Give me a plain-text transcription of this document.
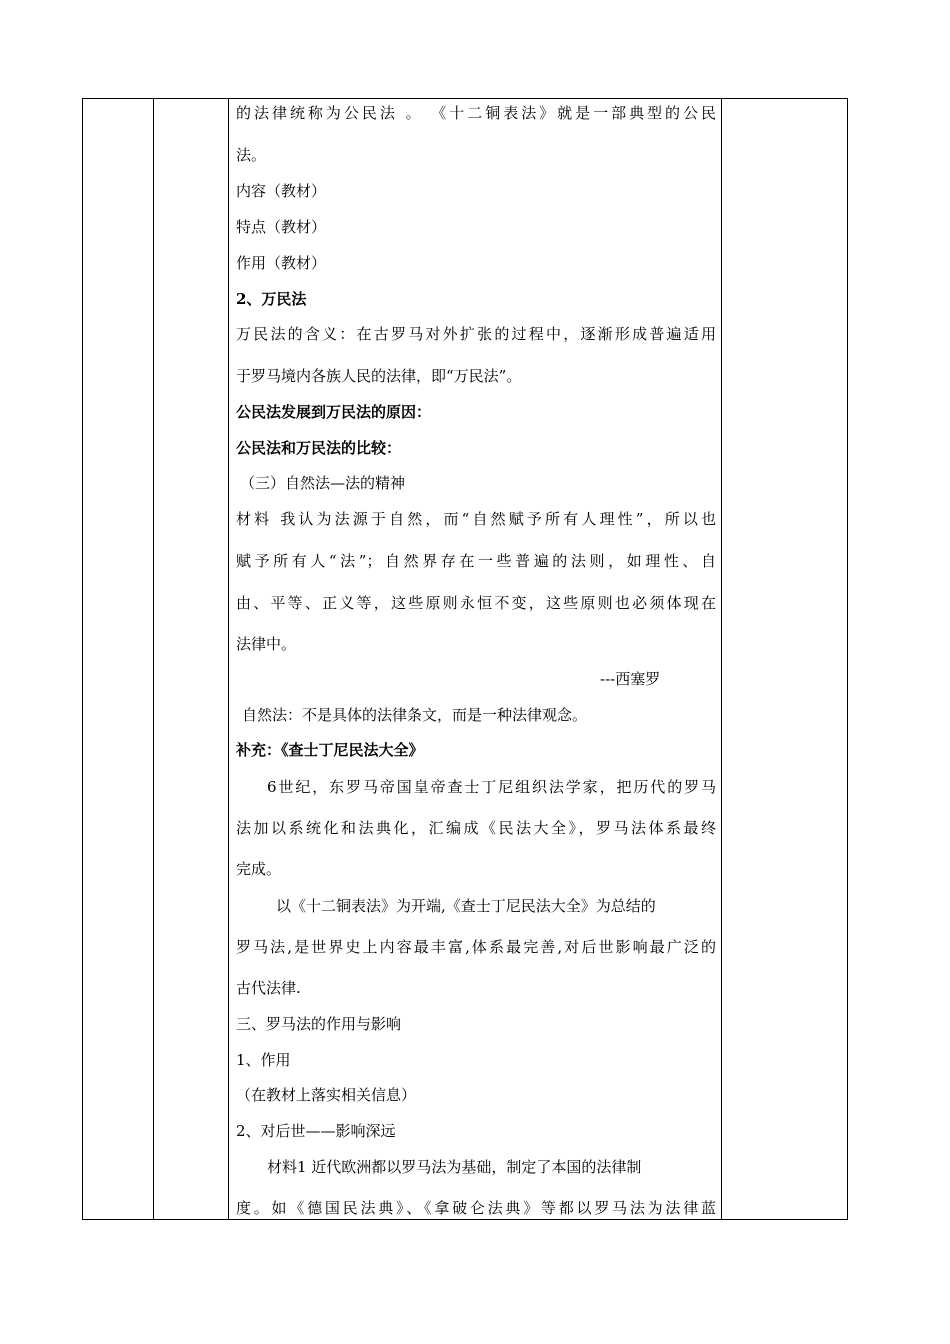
的法律统称为公民法 。 《十二铜表法》就是一部典型的公民
法。
内容（教材）
特点（教材）
作用（教材）
2、万民法
万民法的含义：在古罗马对外扩张的过程中，逐渐形成普遍适用
于罗马境内各族人民的法律，即“万民法”。
公民法发展到万民法的原因：
公民法和万民法的比较：
（三）自然法—法的精神
材料 我认为法源于自然，而“自然赋予所有人理性”，所以也
赋予所有人“法”；自然界存在一些普遍的法则，如理性、自
由、平等、正义等，这些原则永恒不变，这些原则也必须体现在
法律中。
---西塞罗
自然法：不是具体的法律条文，而是一种法律观念。
补充：《查士丁尼民法大全》
6世纪，东罗马帝国皇帝查士丁尼组织法学家，把历代的罗马
法加以系统化和法典化，汇编成《民法大全》，罗马法体系最终
完成。
以《十二铜表法》为开端,《查士丁尼民法大全》为总结的
罗马法,是世界史上内容最丰富,体系最完善,对后世影响最广泛的
古代法律.
三、罗马法的作用与影响
1、作用
（在教材上落实相关信息）
2、对后世——影响深远
材料1 近代欧洲都以罗马法为基础，制定了本国的法律制
度。如《德国民法典》、《拿破仑法典》等都以罗马法为法律蓝
